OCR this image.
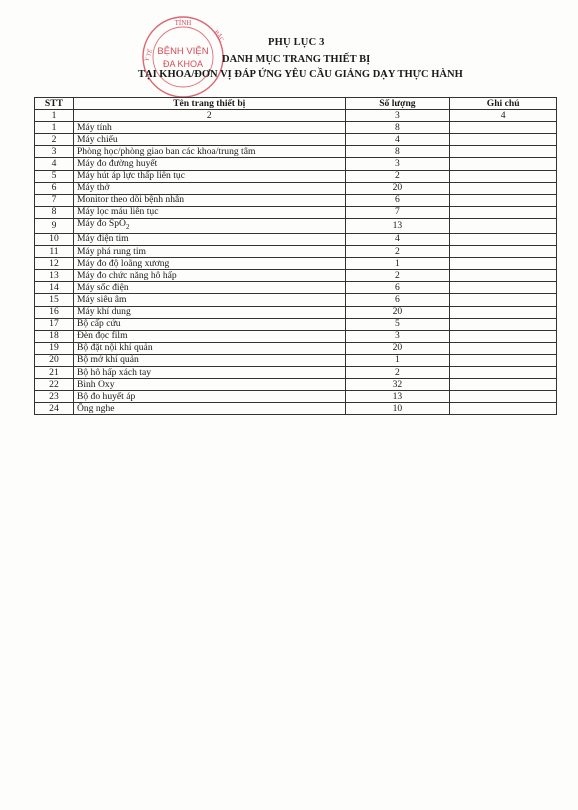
TỈNH
Y TẾ
BẮC
BỆNH VIỆN
ĐA KHOA
PHỤ LỤC 3
DANH MỤC TRANG THIẾT BỊ
TẠI KHOA/ĐƠN VỊ ĐÁP ỨNG YÊU CẦU GIẢNG DẠY THỰC HÀNH
STT	Tên trang thiết bị	Số lượng	Ghi chú
1	2	3	4
1	Máy tính	8	
2	Máy chiếu	4	
3	Phòng học/phòng giao ban các khoa/trung tâm	8	
4	Máy đo đường huyết	3	
5	Máy hút áp lực thấp liên tục	2	
6	Máy thở	20	
7	Monitor theo dõi bệnh nhân	6	
8	Máy lọc máu liên tục	7	
9	Máy đo SpO$_2$	13	
10	Máy điện tim	4	
11	Máy phá rung tim	2	
12	Máy đo độ loãng xương	1	
13	Máy đo chức năng hô hấp	2	
14	Máy sốc điện	6	
15	Máy siêu âm	6	
16	Máy khí dung	20	
17	Bộ cấp cứu	5	
18	Đèn đọc film	3	
19	Bộ đặt nội khí quản	20	
20	Bộ mở khí quản	1	
21	Bộ hô hấp xách tay	2	
22	Bình Oxy	32	
23	Bộ đo huyết áp	13	
24	Ống nghe	10	
